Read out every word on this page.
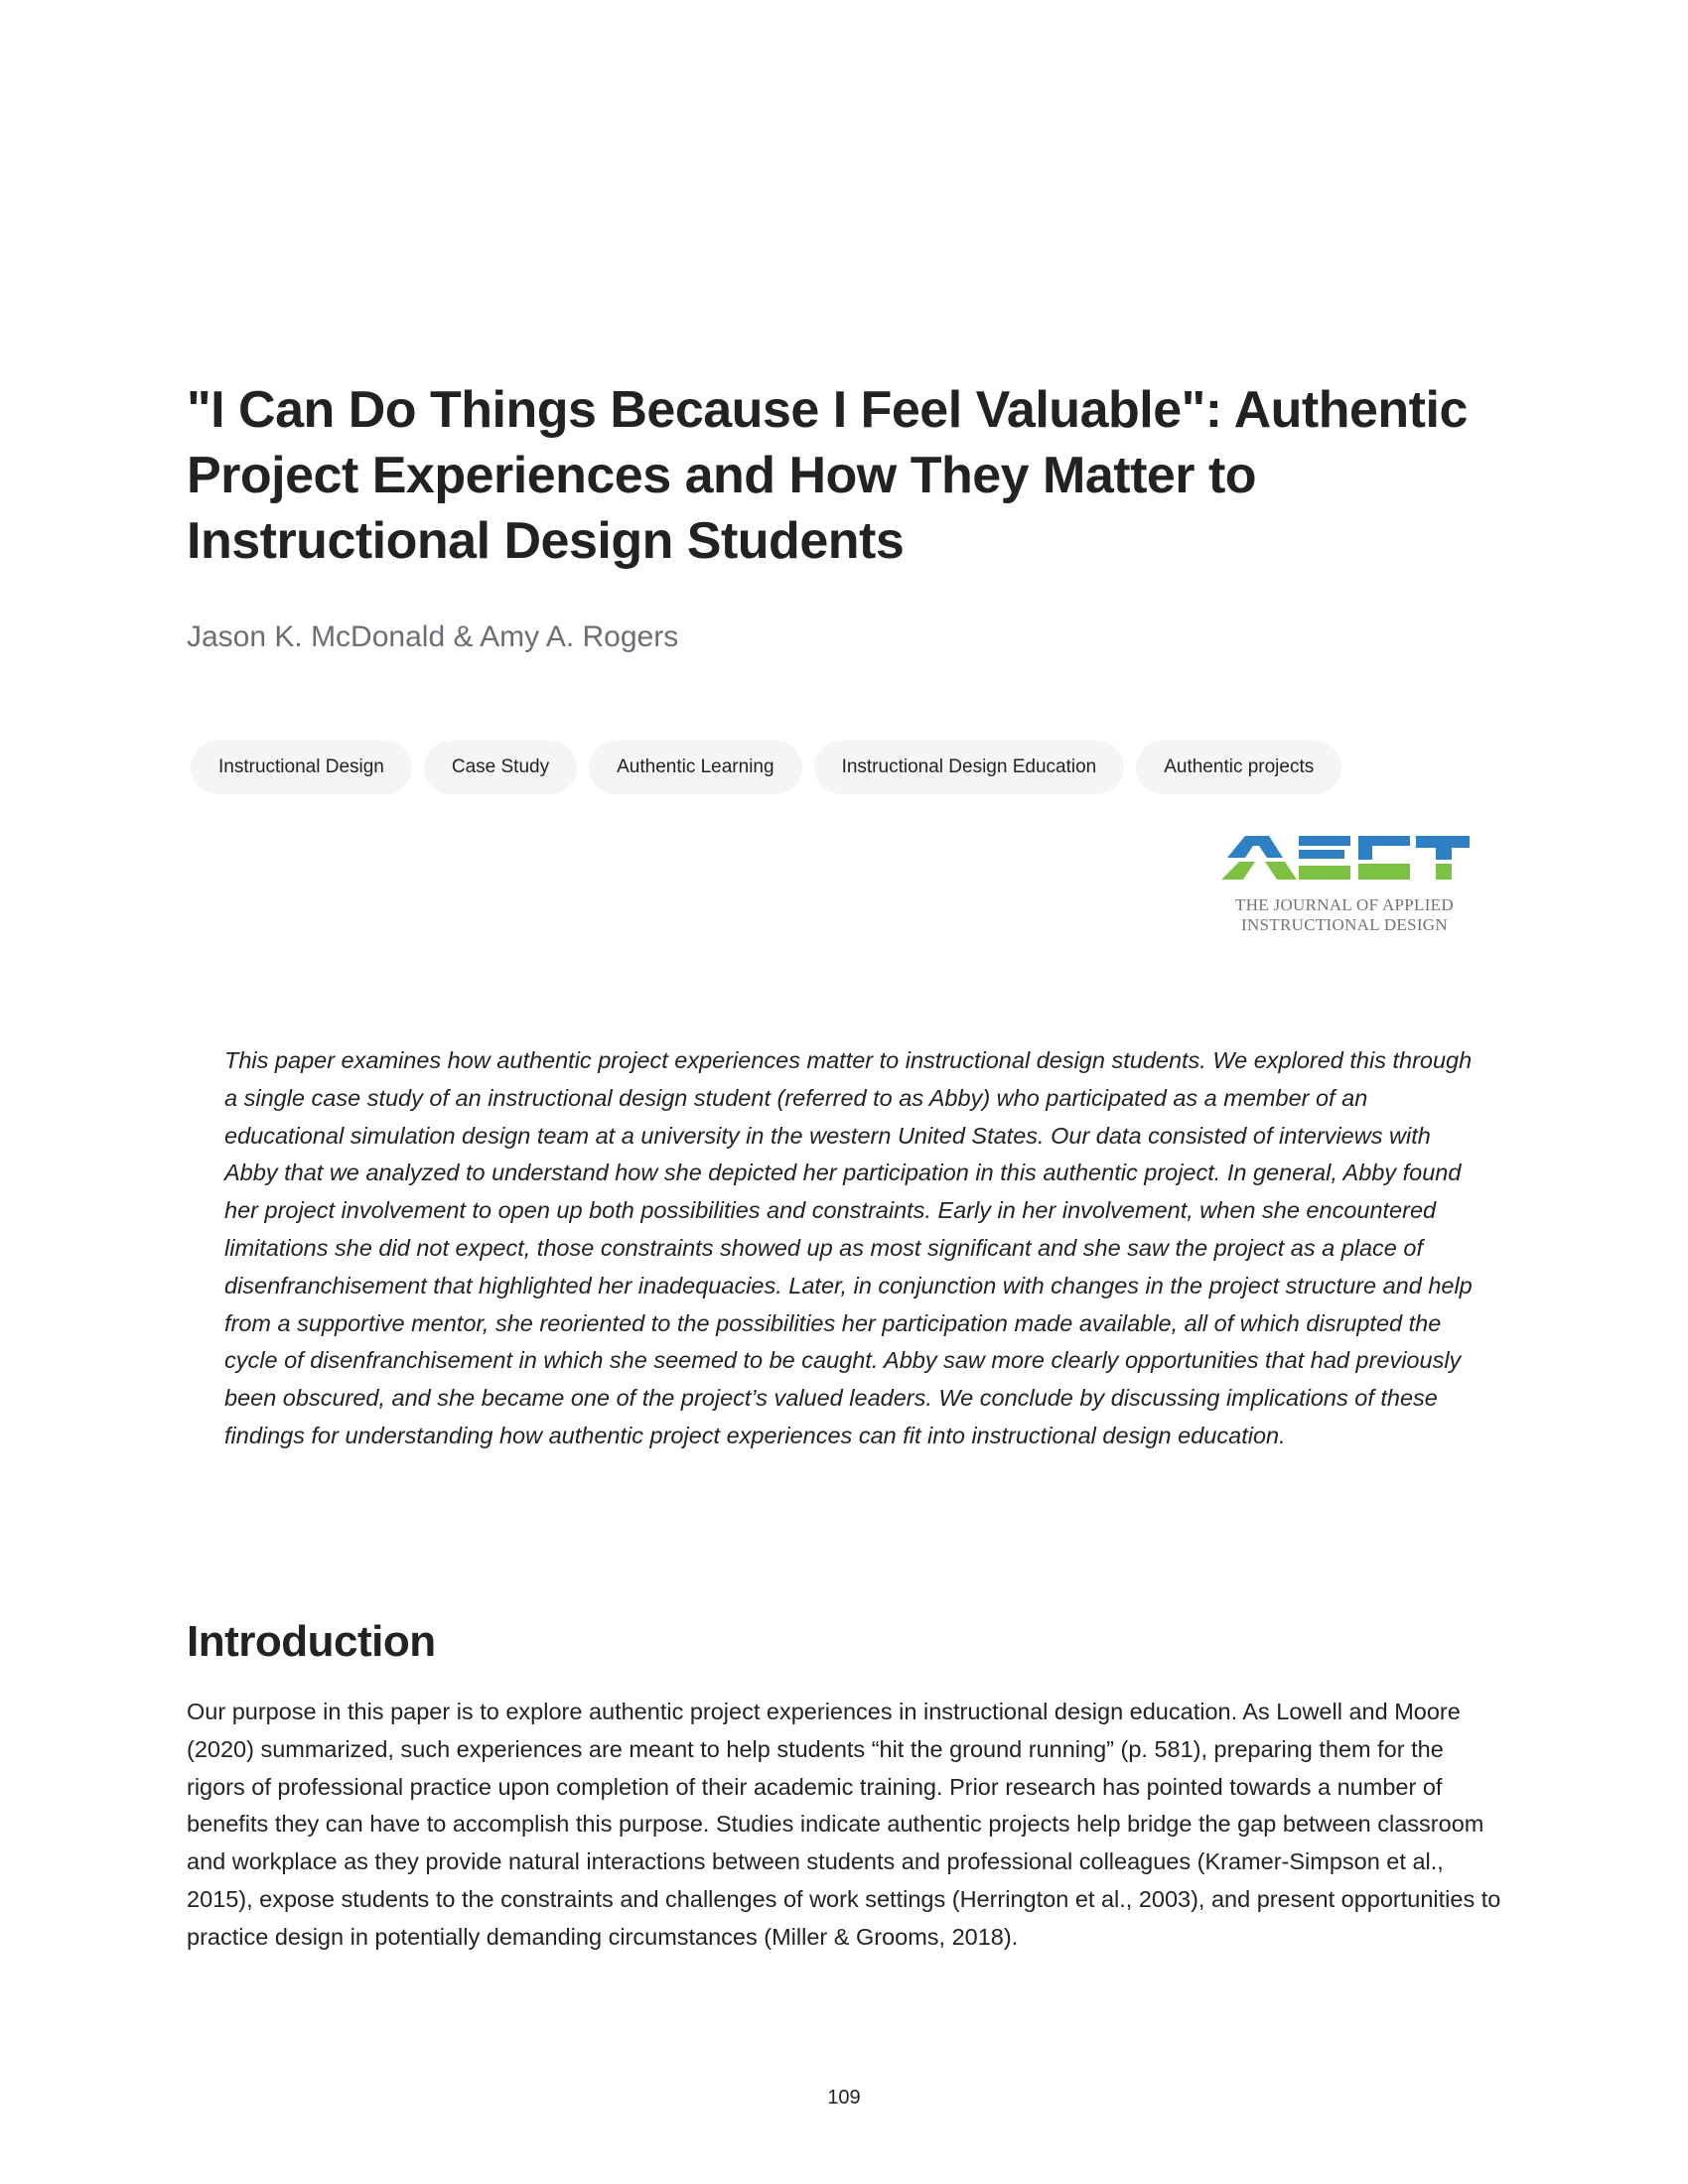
"I Can Do Things Because I Feel Valuable": Authentic Project Experiences and How They Matter to Instructional Design Students

Jason K. McDonald & Amy A. Rogers

Instructional Design	Case Study	Authentic Learning	Instructional Design Education	Authentic projects
THE JOURNAL OF APPLIED
INSTRUCTIONAL DESIGN

This paper examines how authentic project experiences matter to instructional design students. We explored this through a single case study of an instructional design student (referred to as Abby) who participated as a member of an educational simulation design team at a university in the western United States. Our data consisted of interviews with Abby that we analyzed to understand how she depicted her participation in this authentic project. In general, Abby found her project involvement to open up both possibilities and constraints. Early in her involvement, when she encountered limitations she did not expect, those constraints showed up as most significant and she saw the project as a place of disenfranchisement that highlighted her inadequacies. Later, in conjunction with changes in the project structure and help from a supportive mentor, she reoriented to the possibilities her participation made available, all of which disrupted the cycle of disenfranchisement in which she seemed to be caught. Abby saw more clearly opportunities that had previously been obscured, and she became one of the project’s valued leaders. We conclude by discussing implications of these findings for understanding how authentic project experiences can fit into instructional design education.

Introduction

Our purpose in this paper is to explore authentic project experiences in instructional design education. As Lowell and Moore (2020) summarized, such experiences are meant to help students “hit the ground running” (p. 581), preparing them for the rigors of professional practice upon completion of their academic training. Prior research has pointed towards a number of benefits they can have to accomplish this purpose. Studies indicate authentic projects help bridge the gap between classroom and workplace as they provide natural interactions between students and professional colleagues (Kramer-Simpson et al., 2015), expose students to the constraints and challenges of work settings (Herrington et al., 2003), and present opportunities to practice design in potentially demanding circumstances (Miller & Grooms, 2018).

109
